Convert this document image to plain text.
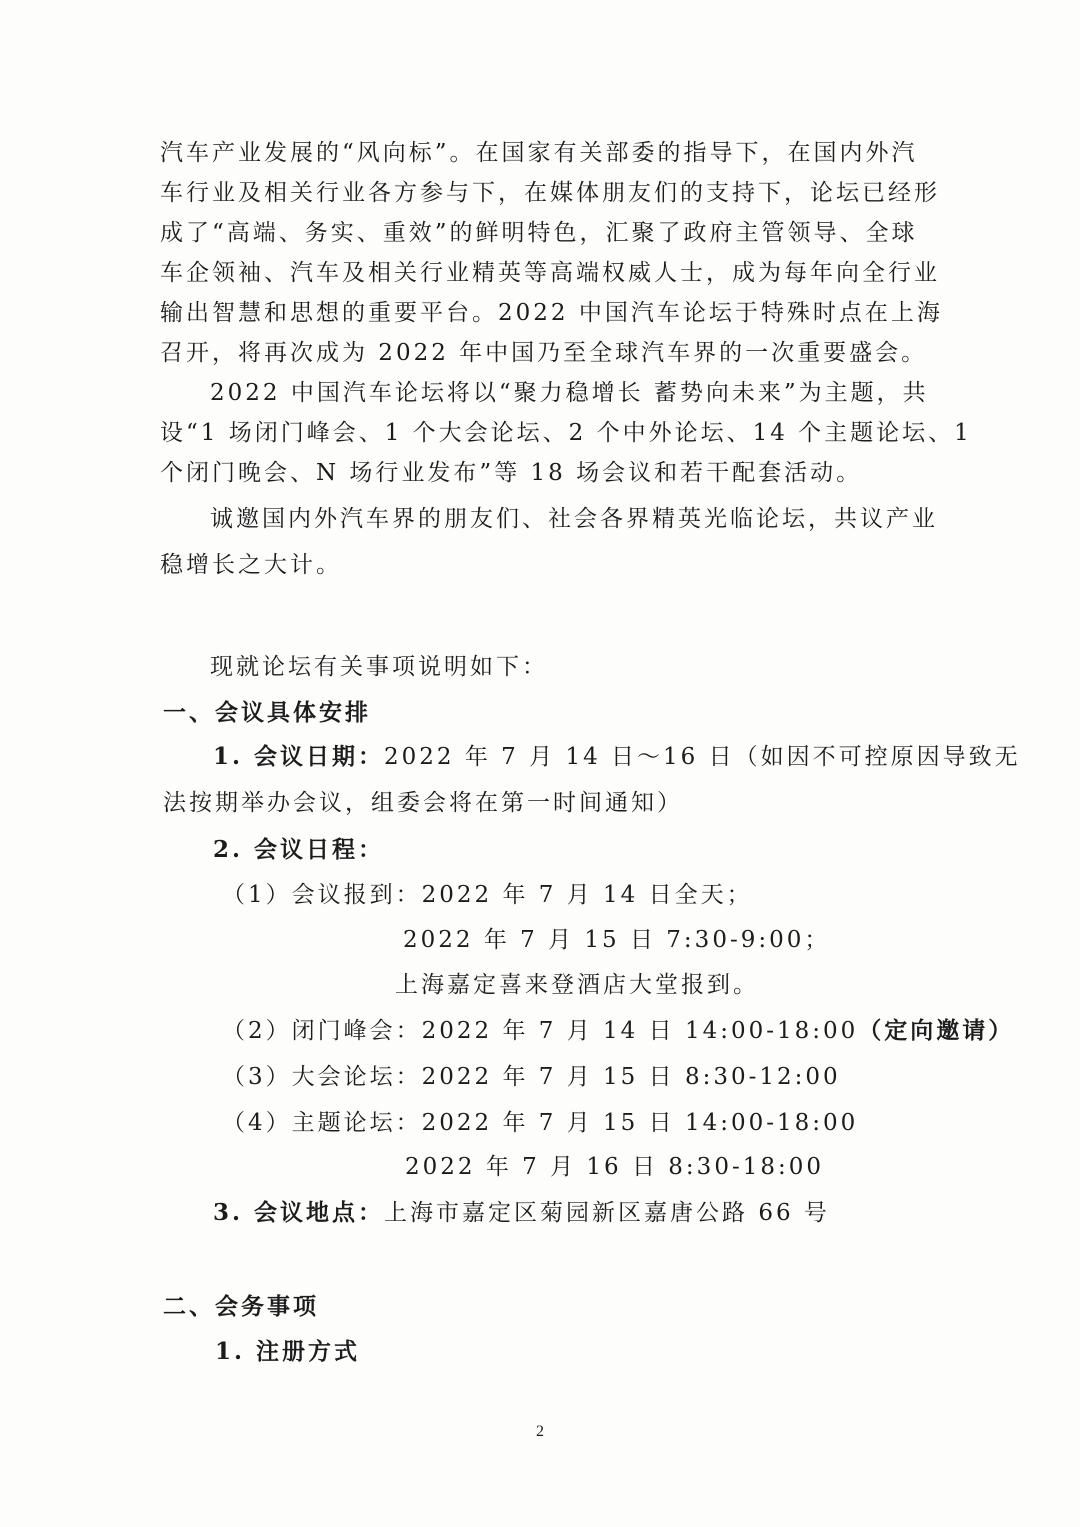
汽车产业发展的“风向标”。在国家有关部委的指导下，在国内外汽
车行业及相关行业各方参与下，在媒体朋友们的支持下，论坛已经形
成了“高端、务实、重效”的鲜明特色，汇聚了政府主管领导、全球
车企领袖、汽车及相关行业精英等高端权威人士，成为每年向全行业
输出智慧和思想的重要平台。2022 中国汽车论坛于特殊时点在上海
召开，将再次成为 2022 年中国乃至全球汽车界的一次重要盛会。
2022 中国汽车论坛将以“聚力稳增长 蓄势向未来”为主题，共
设“1 场闭门峰会、1 个大会论坛、2 个中外论坛、14 个主题论坛、1
个闭门晚会、N 场行业发布”等 18 场会议和若干配套活动。
诚邀国内外汽车界的朋友们、社会各界精英光临论坛，共议产业
稳增长之大计。
现就论坛有关事项说明如下：
一、会议具体安排
1. 会议日期：2022 年 7 月 14 日～16 日（如因不可控原因导致无
法按期举办会议，组委会将在第一时间通知）
2. 会议日程：
（1）会议报到：2022 年 7 月 14 日全天；
2022 年 7 月 15 日 7:30-9:00；
上海嘉定喜来登酒店大堂报到。
（2）闭门峰会：2022 年 7 月 14 日 14:00-18:00（定向邀请）
（3）大会论坛：2022 年 7 月 15 日 8:30-12:00
（4）主题论坛：2022 年 7 月 15 日 14:00-18:00
2022 年 7 月 16 日 8:30-18:00
3. 会议地点：上海市嘉定区菊园新区嘉唐公路 66 号
二、会务事项
1. 注册方式
2
